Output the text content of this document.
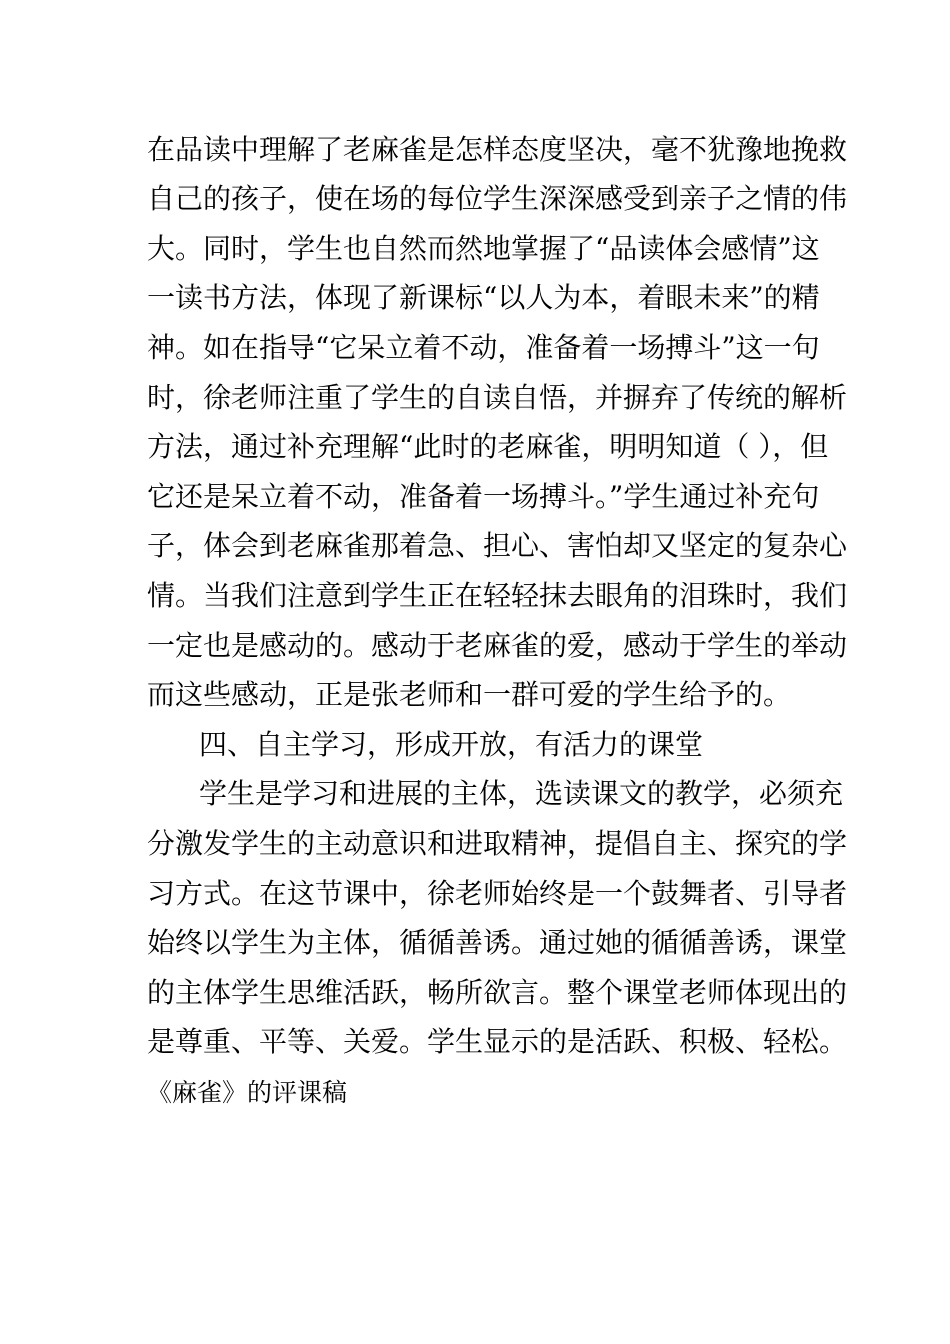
在品读中理解了老麻雀是怎样态度坚决，毫不犹豫地挽救
自己的孩子，使在场的每位学生深深感受到亲子之情的伟
大。同时，学生也自然而然地掌握了“品读体会感情”这
一读书方法，体现了新课标“以人为本，着眼未来”的精
神。如在指导“它呆立着不动，准备着一场搏斗”这一句
时，徐老师注重了学生的自读自悟，并摒弃了传统的解析
方法，通过补充理解“此时的老麻雀，明明知道（ ），但
它还是呆立着不动，准备着一场搏斗。”学生通过补充句
子，体会到老麻雀那着急、担心、害怕却又坚定的复杂心
情。当我们注意到学生正在轻轻抹去眼角的泪珠时，我们
一定也是感动的。感动于老麻雀的爱，感动于学生的举动
而这些感动，正是张老师和一群可爱的学生给予的。
四、自主学习，形成开放，有活力的课堂
学生是学习和进展的主体，选读课文的教学，必须充
分激发学生的主动意识和进取精神，提倡自主、探究的学
习方式。在这节课中，徐老师始终是一个鼓舞者、引导者
始终以学生为主体，循循善诱。通过她的循循善诱，课堂
的主体学生思维活跃，畅所欲言。整个课堂老师体现出的
是尊重、平等、关爱。学生显示的是活跃、积极、轻松。
《麻雀》的评课稿
